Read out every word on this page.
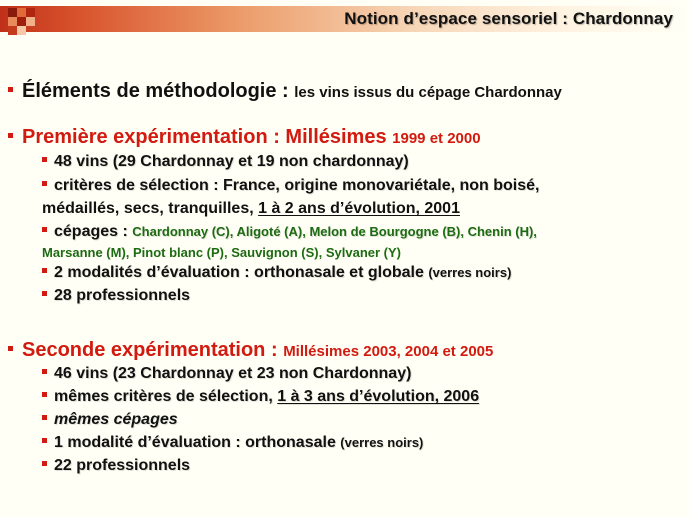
Notion d’espace sensoriel : Chardonnay
Éléments de méthodologie : les vins issus du cépage Chardonnay
Première expérimentation : Millésimes 1999 et 2000
48 vins (29 Chardonnay et 19 non chardonnay)
critères de sélection : France, origine monovariétale, non boisé,
médaillés, secs, tranquilles, 1 à 2 ans d’évolution, 2001
cépages : Chardonnay (C), Aligoté (A), Melon de Bourgogne (B), Chenin (H),
Marsanne (M), Pinot blanc (P), Sauvignon (S), Sylvaner (Y)
2 modalités d’évaluation : orthonasale et globale (verres noirs)
28 professionnels
Seconde expérimentation : Millésimes 2003, 2004 et 2005
46 vins (23 Chardonnay et 23 non Chardonnay)
mêmes critères de sélection, 1 à 3 ans d’évolution, 2006
mêmes cépages
1 modalité d’évaluation : orthonasale (verres noirs)
22 professionnels
